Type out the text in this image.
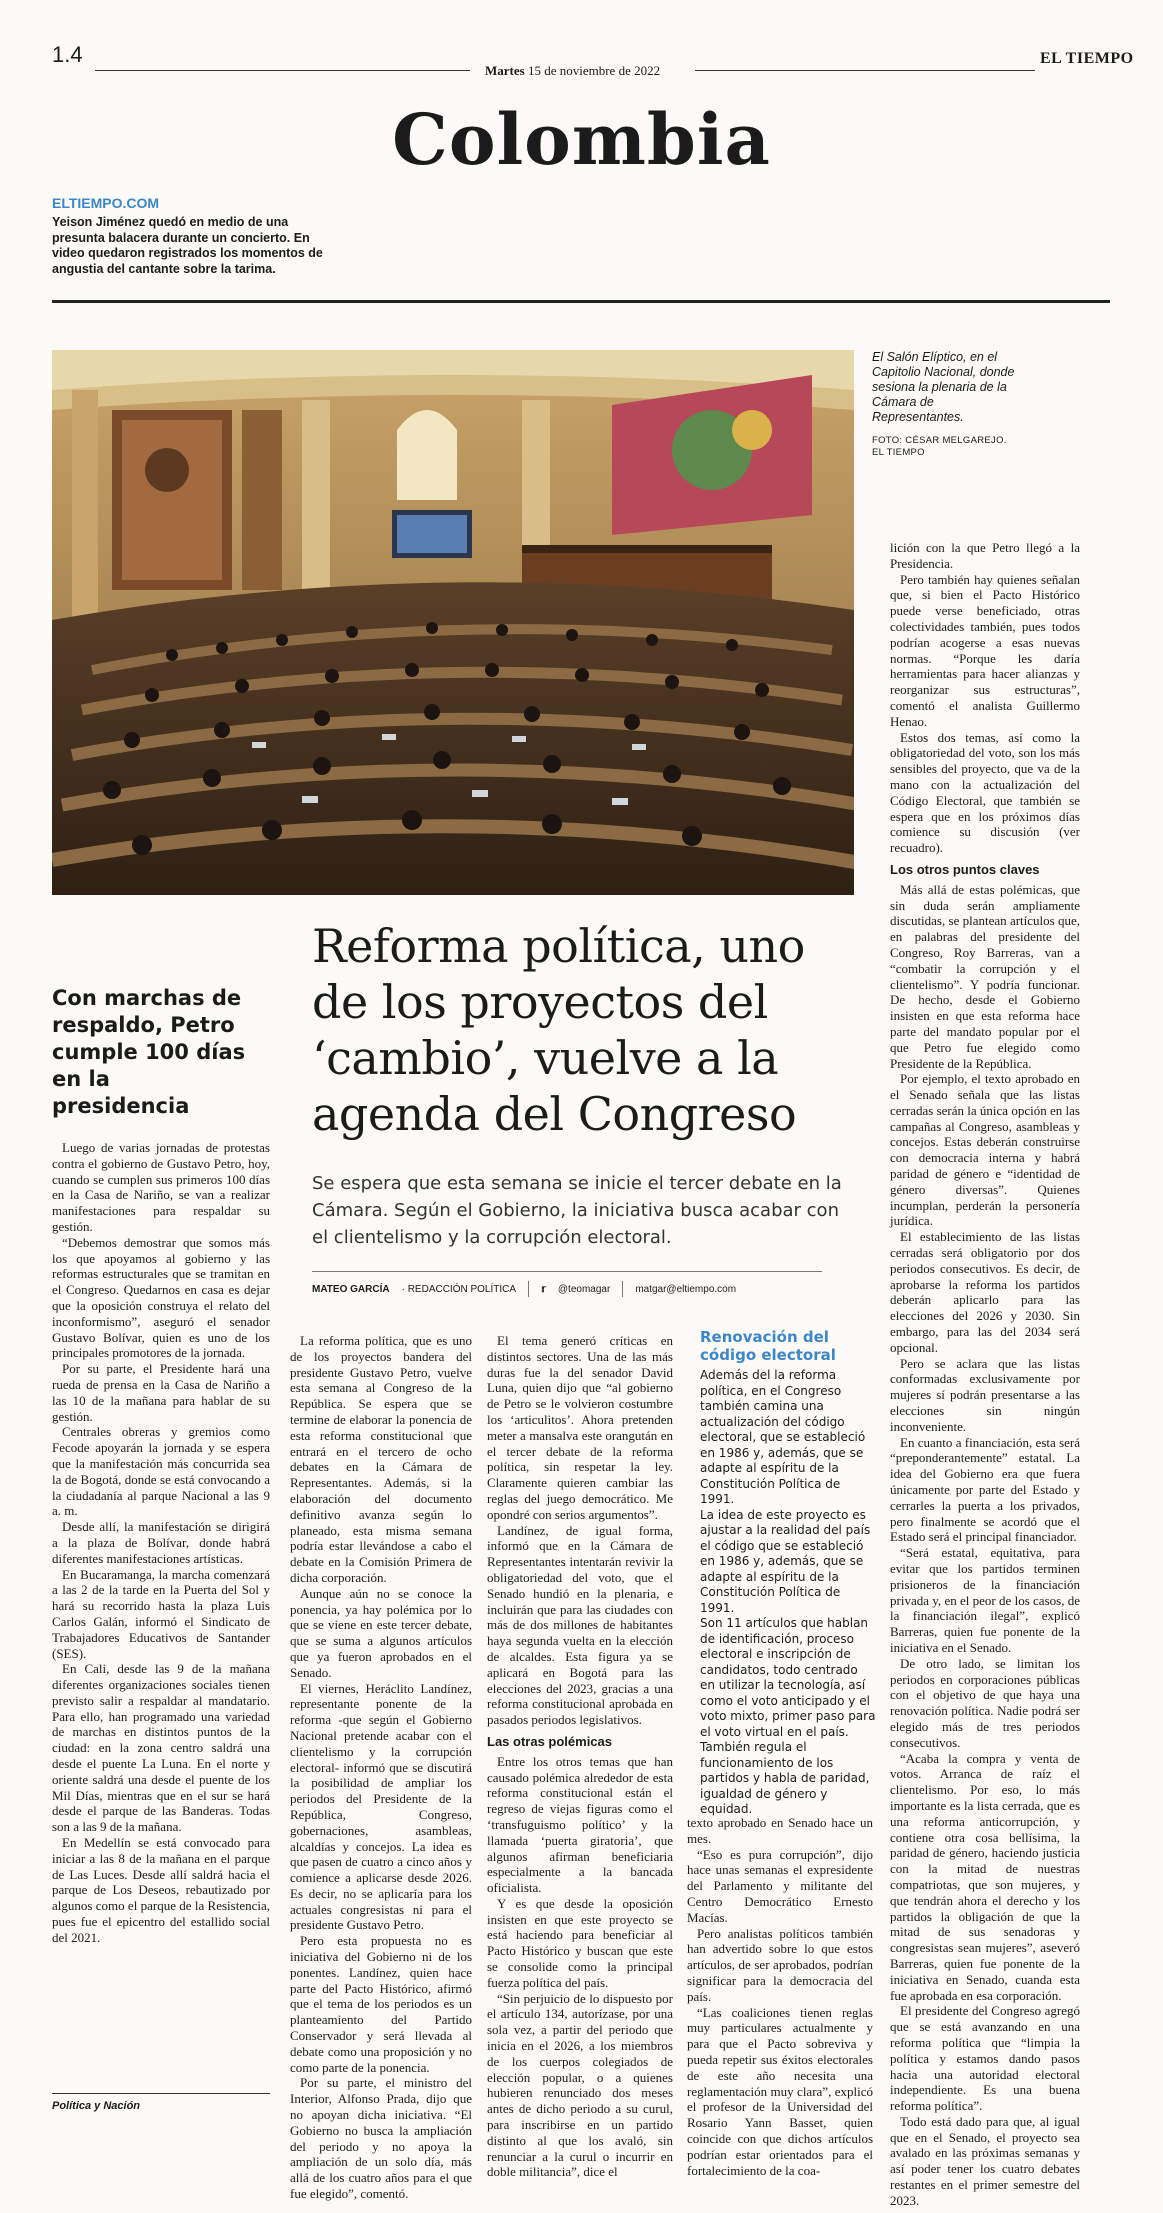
1.4
Martes 15 de noviembre de 2022
EL TIEMPO
Colombia
ELTIEMPO.COM
Yeison Jiménez quedó en medio de una presunta balacera durante un concierto. En video quedaron registrados los momentos de angustia del cantante sobre la tarima.
El Salón Elíptico, en el Capitolio Nacional, donde sesiona la plenaria de la Cámara de Representantes.
FOTO: CÉSAR MELGAREJO.
EL TIEMPO
Reforma política, uno de los proyectos del ‘cambio’, vuelve a la agenda del Congreso
Se espera que esta semana se inicie el tercer debate en la Cámara. Según el Gobierno, la iniciativa busca acabar con el clientelismo y la corrupción electoral.
MATEO GARCÍA · REDACCIÓN POLÍTICA	𝕣 @teomagar	matgar@eltiempo.com
Con marchas de respaldo, Petro cumple 100 días en la presidencia

Luego de varias jornadas de protestas contra el gobierno de Gustavo Petro, hoy, cuando se cumplen sus primeros 100 días en la Casa de Nariño, se van a realizar manifestaciones para respaldar su gestión.

“Debemos demostrar que somos más los que apoyamos al gobierno y las reformas estructurales que se tramitan en el Congreso. Quedarnos en casa es dejar que la oposición construya el relato del inconformismo”, aseguró el senador Gustavo Bolívar, quien es uno de los principales promotores de la jornada.

Por su parte, el Presidente hará una rueda de prensa en la Casa de Nariño a las 10 de la mañana para hablar de su gestión.

Centrales obreras y gremios como Fecode apoyarán la jornada y se espera que la manifestación más concurrida sea la de Bogotá, donde se está convocando a la ciudadanía al parque Nacional a las 9 a. m.

Desde allí, la manifestación se dirigirá a la plaza de Bolívar, donde habrá diferentes manifestaciones artísticas.

En Bucaramanga, la marcha comenzará a las 2 de la tarde en la Puerta del Sol y hará su recorrido hasta la plaza Luis Carlos Galán, informó el Sindicato de Trabajadores Educativos de Santander (SES).

En Cali, desde las 9 de la mañana diferentes organizaciones sociales tienen previsto salir a respaldar al mandatario. Para ello, han programado una variedad de marchas en distintos puntos de la ciudad: en la zona centro saldrá una desde el puente La Luna. En el norte y oriente saldrá una desde el puente de los Mil Días, mientras que en el sur se hará desde el parque de las Banderas. Todas son a las 9 de la mañana.

En Medellín se está convocado para iniciar a las 8 de la mañana en el parque de Las Luces. Desde allí saldrá hacia el parque de Los Deseos, rebautizado por algunos como el parque de la Resistencia, pues fue el epicentro del estallido social del 2021.

Política y Nación

La reforma política, que es uno de los proyectos bandera del presidente Gustavo Petro, vuelve esta semana al Congreso de la República. Se espera que se termine de elaborar la ponencia de esta reforma constitucional que entrará en el tercero de ocho debates en la Cámara de Representantes. Además, si la elaboración del documento definitivo avanza según lo planeado, esta misma semana podría estar llevándose a cabo el debate en la Comisión Primera de dicha corporación.

Aunque aún no se conoce la ponencia, ya hay polémica por lo que se viene en este tercer debate, que se suma a algunos artículos que ya fueron aprobados en el Senado.

El viernes, Heráclito Landínez, representante ponente de la reforma -que según el Gobierno Nacional pretende acabar con el clientelismo y la corrupción electoral- informó que se discutirá la posibilidad de ampliar los periodos del Presidente de la República, Congreso, gobernaciones, asambleas, alcaldías y concejos. La idea es que pasen de cuatro a cinco años y comience a aplicarse desde 2026. Es decir, no se aplicaría para los actuales congresistas ni para el presidente Gustavo Petro.

Pero esta propuesta no es iniciativa del Gobierno ni de los ponentes. Landínez, quien hace parte del Pacto Histórico, afirmó que el tema de los periodos es un planteamiento del Partido Conservador y será llevada al debate como una proposición y no como parte de la ponencia.

Por su parte, el ministro del Interior, Alfonso Prada, dijo que no apoyan dicha iniciativa. “El Gobierno no busca la ampliación del periodo y no apoya la ampliación de un solo día, más allá de los cuatro años para el que fue elegido”, comentó.

El tema generó críticas en distintos sectores. Una de las más duras fue la del senador David Luna, quien dijo que “al gobierno de Petro se le volvieron costumbre los ‘articulitos’. Ahora pretenden meter a mansalva este orangután en el tercer debate de la reforma política, sin respetar la ley. Claramente quieren cambiar las reglas del juego democrático. Me opondré con serios argumentos”.

Landínez, de igual forma, informó que en la Cámara de Representantes intentarán revivir la obligatoriedad del voto, que el Senado hundió en la plenaria, e incluirán que para las ciudades con más de dos millones de habitantes haya segunda vuelta en la elección de alcaldes. Esta figura ya se aplicará en Bogotá para las elecciones del 2023, gracias a una reforma constitucional aprobada en pasados periodos legislativos.

Las otras polémicas

Entre los otros temas que han causado polémica alrededor de esta reforma constitucional están el regreso de viejas figuras como el ‘transfuguismo político’ y la llamada ‘puerta giratoria’, que algunos afirman beneficiaria especialmente a la bancada oficialista.

Y es que desde la oposición insisten en que este proyecto se está haciendo para beneficiar al Pacto Histórico y buscan que este se consolide como la principal fuerza política del país.

“Sin perjuicio de lo dispuesto por el artículo 134, autorízase, por una sola vez, a partir del periodo que inicia en el 2026, a los miembros de los cuerpos colegiados de elección popular, o a quienes hubieren renunciado dos meses antes de dicho periodo a su curul, para inscribirse en un partido distinto al que los avaló, sin renunciar a la curul o incurrir en doble militancia”, dice el

Renovación del código electoral

Además del la reforma política, en el Congreso también camina una actualización del código electoral, que se estableció en 1986 y, además, que se adapte al espíritu de la Constitución Política de 1991.

La idea de este proyecto es ajustar a la realidad del país el código que se estableció en 1986 y, además, que se adapte al espíritu de la Constitución Política de 1991.

Son 11 artículos que hablan de identificación, proceso electoral e inscripción de candidatos, todo centrado en utilizar la tecnología, así como el voto anticipado y el voto mixto, primer paso para el voto virtual en el país.

También regula el funcionamiento de los partidos y habla de paridad, igualdad de género y equidad.

texto aprobado en Senado hace un mes.

“Eso es pura corrupción”, dijo hace unas semanas el expresidente del Parlamento y militante del Centro Democrático Ernesto Macías.

Pero analistas políticos también han advertido sobre lo que estos artículos, de ser aprobados, podrían significar para la democracia del país.

“Las coaliciones tienen reglas muy particulares actualmente y para que el Pacto sobreviva y pueda repetir sus éxitos electorales de este año necesita una reglamentación muy clara”, explicó el profesor de la Universidad del Rosario Yann Basset, quien coincide con que dichos artículos podrían estar orientados para el fortalecimiento de la coa-

lición con la que Petro llegó a la Presidencia.

Pero también hay quienes señalan que, si bien el Pacto Histórico puede verse beneficiado, otras colectividades también, pues todos podrían acogerse a esas nuevas normas. “Porque les daría herramientas para hacer alianzas y reorganizar sus estructuras”, comentó el analista Guillermo Henao.

Estos dos temas, así como la obligatoriedad del voto, son los más sensibles del proyecto, que va de la mano con la actualización del Código Electoral, que también se espera que en los próximos días comience su discusión (ver recuadro).

Los otros puntos claves

Más allá de estas polémicas, que sin duda serán ampliamente discutidas, se plantean artículos que, en palabras del presidente del Congreso, Roy Barreras, van a “combatir la corrupción y el clientelismo”. Y podría funcionar. De hecho, desde el Gobierno insisten en que esta reforma hace parte del mandato popular por el que Petro fue elegido como Presidente de la República.

Por ejemplo, el texto aprobado en el Senado señala que las listas cerradas serán la única opción en las campañas al Congreso, asambleas y concejos. Estas deberán construirse con democracia interna y habrá paridad de género e “identidad de género diversas”. Quienes incumplan, perderán la personería jurídica.

El establecimiento de las listas cerradas será obligatorio por dos periodos consecutivos. Es decir, de aprobarse la reforma los partidos deberán aplicarlo para las elecciones del 2026 y 2030. Sin embargo, para las del 2034 será opcional.

Pero se aclara que las listas conformadas exclusivamente por mujeres sí podrán presentarse a las elecciones sin ningún inconveniente.

En cuanto a financiación, esta será “preponderantemente” estatal. La idea del Gobierno era que fuera únicamente por parte del Estado y cerrarles la puerta a los privados, pero finalmente se acordó que el Estado será el principal financiador.

“Será estatal, equitativa, para evitar que los partidos terminen prisioneros de la financiación privada y, en el peor de los casos, de la financiación ilegal”, explicó Barreras, quien fue ponente de la iniciativa en el Senado.

De otro lado, se limitan los periodos en corporaciones públicas con el objetivo de que haya una renovación política. Nadie podrá ser elegido más de tres periodos consecutivos.

“Acaba la compra y venta de votos. Arranca de raíz el clientelismo. Por eso, lo más importante es la lista cerrada, que es una reforma anticorrupción, y contiene otra cosa bellísima, la paridad de género, haciendo justicia con la mitad de nuestras compatriotas, que son mujeres, y que tendrán ahora el derecho y los partidos la obligación de que la mitad de sus senadoras y congresistas sean mujeres”, aseveró Barreras, quien fue ponente de la iniciativa en Senado, cuanda esta fue aprobada en esa corporación.

El presidente del Congreso agregó que se está avanzando en una reforma política que “limpia la política y estamos dando pasos hacia una autoridad electoral independiente. Es una buena reforma política”.

Todo está dado para que, al igual que en el Senado, el proyecto sea avalado en las próximas semanas y así poder tener los cuatro debates restantes en el primer semestre del 2023.
